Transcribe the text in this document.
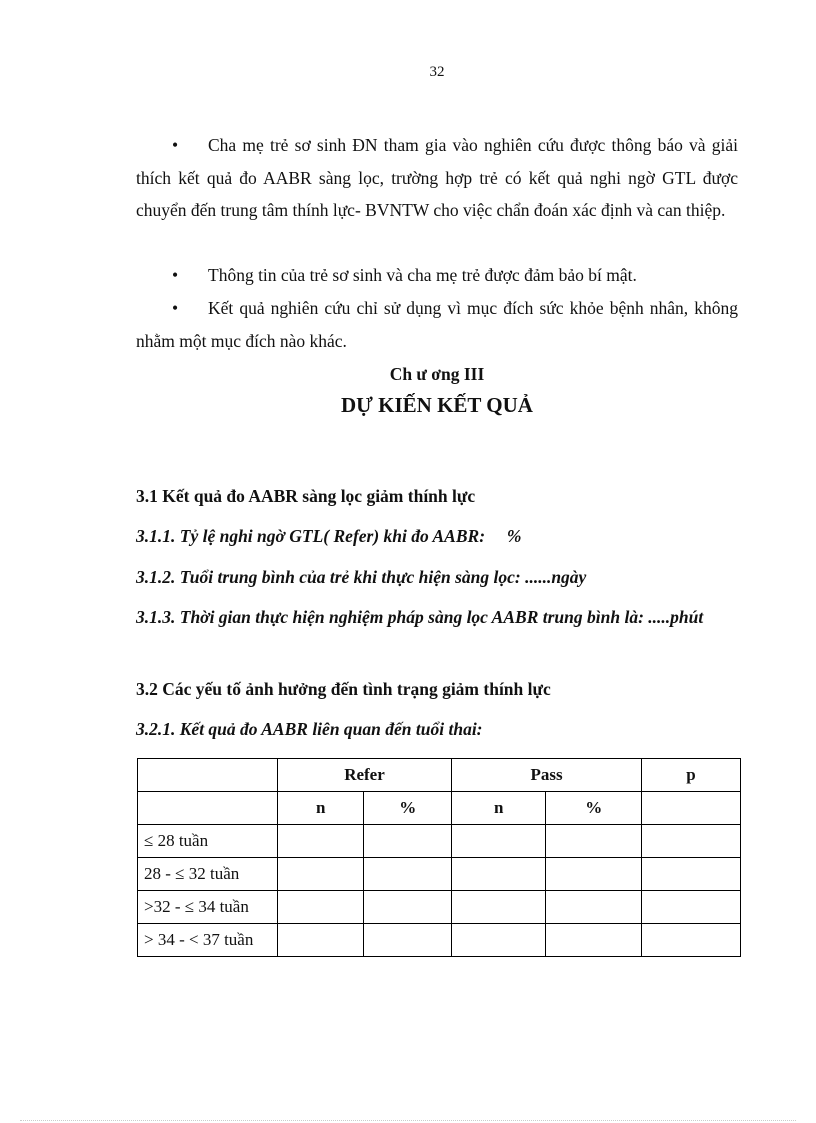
32
• Cha mẹ trẻ sơ sinh ĐN tham gia vào nghiên cứu được thông báo và giải thích kết quả đo AABR sàng lọc, trường hợp trẻ có kết quả nghi ngờ GTL được chuyển đến trung tâm thính lực- BVNTW cho việc chẩn đoán xác định và can thiệp.
• Thông tin của trẻ sơ sinh và cha mẹ trẻ được đảm bảo bí mật.
• Kết quả nghiên cứu chỉ sử dụng vì mục đích sức khỏe bệnh nhân, không nhằm một mục đích nào khác.
Ch ư ơng III
DỰ KIẾN KẾT QUẢ
3.1 Kết quả đo AABR sàng lọc giảm thính lực
3.1.1. Tỷ lệ nghi ngờ GTL( Refer) khi đo AABR:     %
3.1.2. Tuổi trung bình của trẻ khi thực hiện sàng lọc: ......ngày
3.1.3. Thời gian thực hiện nghiệm pháp sàng lọc AABR trung bình là: .....phút
3.2 Các yếu tố ảnh hưởng đến tình trạng giảm thính lực
3.2.1. Kết quả đo AABR liên quan đến tuổi thai:
	Refer		Pass		p
	n	%	n	%	
≤ 28 tuần					
28 - ≤ 32 tuần					
>32 - ≤ 34 tuần					
> 34 - < 37 tuần					
